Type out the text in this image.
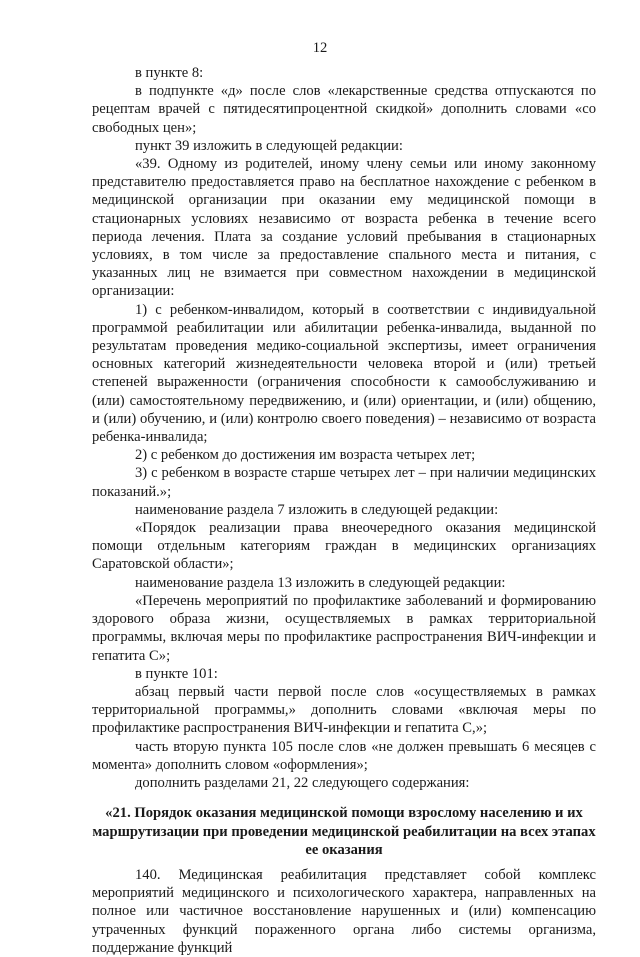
12

в пункте 8:

в подпункте «д» после слов «лекарственные средства отпускаются по рецептам врачей с пятидесятипроцентной скидкой» дополнить словами «со свободных цен»;

пункт 39 изложить в следующей редакции:

«39. Одному из родителей, иному члену семьи или иному законному представителю предоставляется право на бесплатное нахождение с ребенком в медицинской организации при оказании ему медицинской помощи в стационарных условиях независимо от возраста ребенка в течение всего периода лечения. Плата за создание условий пребывания в стационарных условиях, в том числе за предоставление спального места и питания, с указанных лиц не взимается при совместном нахождении в медицинской организации:

1) с ребенком-инвалидом, который в соответствии с индивидуальной программой реабилитации или абилитации ребенка-инвалида, выданной по результатам проведения медико-социальной экспертизы, имеет ограничения основных категорий жизнедеятельности человека второй и (или) третьей степеней выраженности (ограничения способности к самообслуживанию и (или) самостоятельному передвижению, и (или) ориентации, и (или) общению, и (или) обучению, и (или) контролю своего поведения) – независимо от возраста ребенка-инвалида;

2) с ребенком до достижения им возраста четырех лет;

3) с ребенком в возрасте старше четырех лет – при наличии медицинских показаний.»;

наименование раздела 7 изложить в следующей редакции:

«Порядок реализации права внеочередного оказания медицинской помощи отдельным категориям граждан в медицинских организациях Саратовской области»;

наименование раздела 13 изложить в следующей редакции:

«Перечень мероприятий по профилактике заболеваний и формированию здорового образа жизни, осуществляемых в рамках территориальной программы, включая меры по профилактике распространения ВИЧ-инфекции и гепатита С»;

в пункте 101:

абзац первый части первой после слов «осуществляемых в рамках территориальной программы,» дополнить словами «включая меры по профилактике распространения ВИЧ-инфекции и гепатита С,»;

часть вторую пункта 105 после слов «не должен превышать 6 месяцев с момента» дополнить словом «оформления»;

дополнить разделами 21, 22 следующего содержания:

«21. Порядок оказания медицинской помощи взрослому населению и их маршрутизации при проведении медицинской реабилитации на всех этапах ее оказания

140. Медицинская реабилитация представляет собой комплекс мероприятий медицинского и психологического характера, направленных на полное или частичное восстановление нарушенных и (или) компенсацию утраченных функций пораженного органа либо системы организма, поддержание функций
